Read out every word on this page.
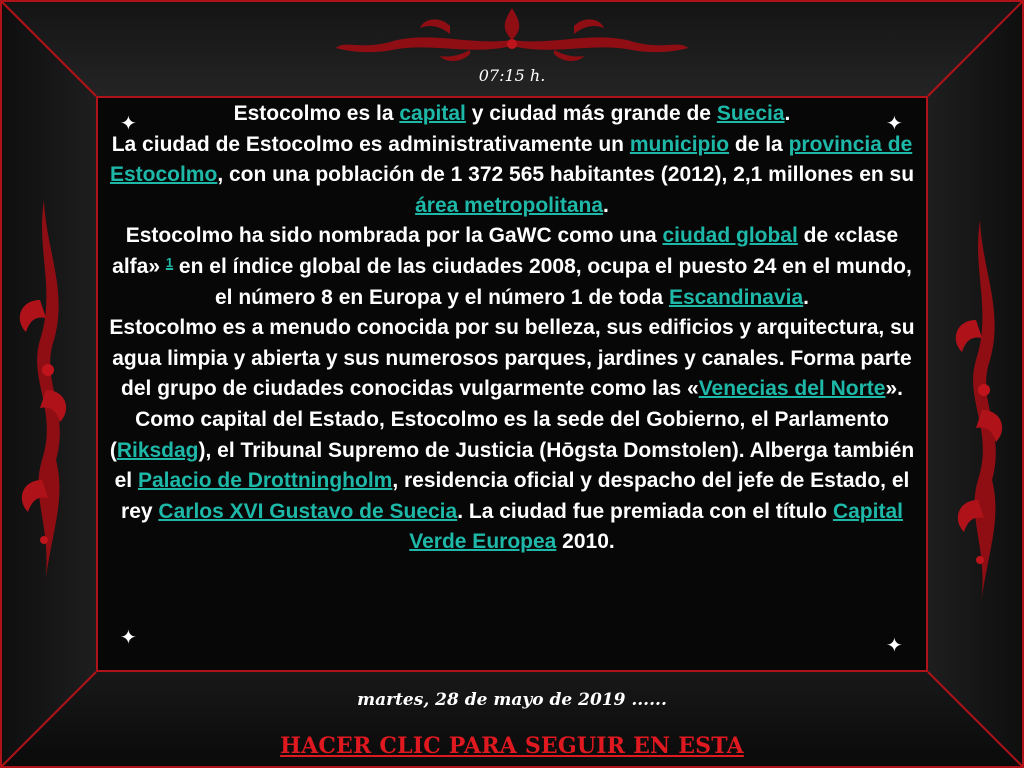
07:15 h.
✦	✦
✦	✦
Estocolmo es la capital y ciudad más grande de Suecia.
La ciudad de Estocolmo es administrativamente un municipio de la provincia de Estocolmo, con una población de 1 372 565 habitantes (2012), 2,1 millones en su área metropolitana.
Estocolmo ha sido nombrada por la GaWC como una ciudad global de «clase alfa» $^1$ en el índice global de las ciudades 2008, ocupa el puesto 24 en el mundo, el número 8 en Europa y el número 1 de toda Escandinavia.
Estocolmo es a menudo conocida por su belleza, sus edificios y arquitectura, su agua limpia y abierta y sus numerosos parques, jardines y canales. Forma parte del grupo de ciudades conocidas vulgarmente como las «Venecias del Norte». Como capital del Estado, Estocolmo es la sede del Gobierno, el Parlamento (Riksdag), el Tribunal Supremo de Justicia (Hōgsta Domstolen). Alberga también el Palacio de Drottningholm, residencia oficial y despacho del jefe de Estado, el rey Carlos XVI Gustavo de Suecia. La ciudad fue premiada con el título Capital Verde Europea 2010.
martes, 28 de mayo de 2019 ......
HACER CLIC PARA SEGUIR EN ESTA
